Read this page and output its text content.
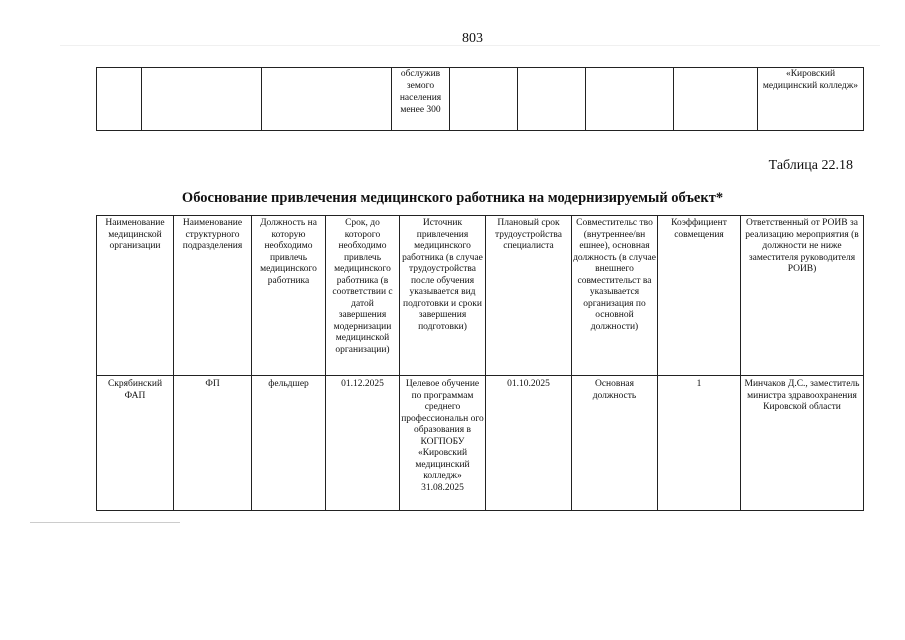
803
			обслужив земого населения менее 300					«Кировский медицинский колледж»
Таблица 22.18
Обоснование привлечения медицинского работника на модернизируемый объект*
Наименование медицинской организации	Наименование структурного подразделения	Должность на которую необходимо привлечь медицинского работника	Срок, до которого необходимо привлечь медицинского работника (в соответствии с датой завершения модернизации медицинской организации)	Источник привлечения медицинского работника (в случае трудоустройства после обучения указывается вид подготовки и сроки завершения подготовки)	Плановый срок трудоустройства специалиста	Совместительс тво (внутреннее/вн ешнее), основная должность (в случае внешнего совместительст ва указывается организация по основной должности)	Коэффициент совмещения	Ответственный от РОИВ за реализацию мероприятия (в должности не ниже заместителя руководителя РОИВ)
Скрябинский ФАП	ФП	фельдшер	01.12.2025	Целевое обучение по программам среднего профессиональн ого образования в КОГПОБУ «Кировский медицинский колледж» 31.08.2025	01.10.2025	Основная должность	1	Минчаков Д.С., заместитель министра здравоохранения Кировской области
